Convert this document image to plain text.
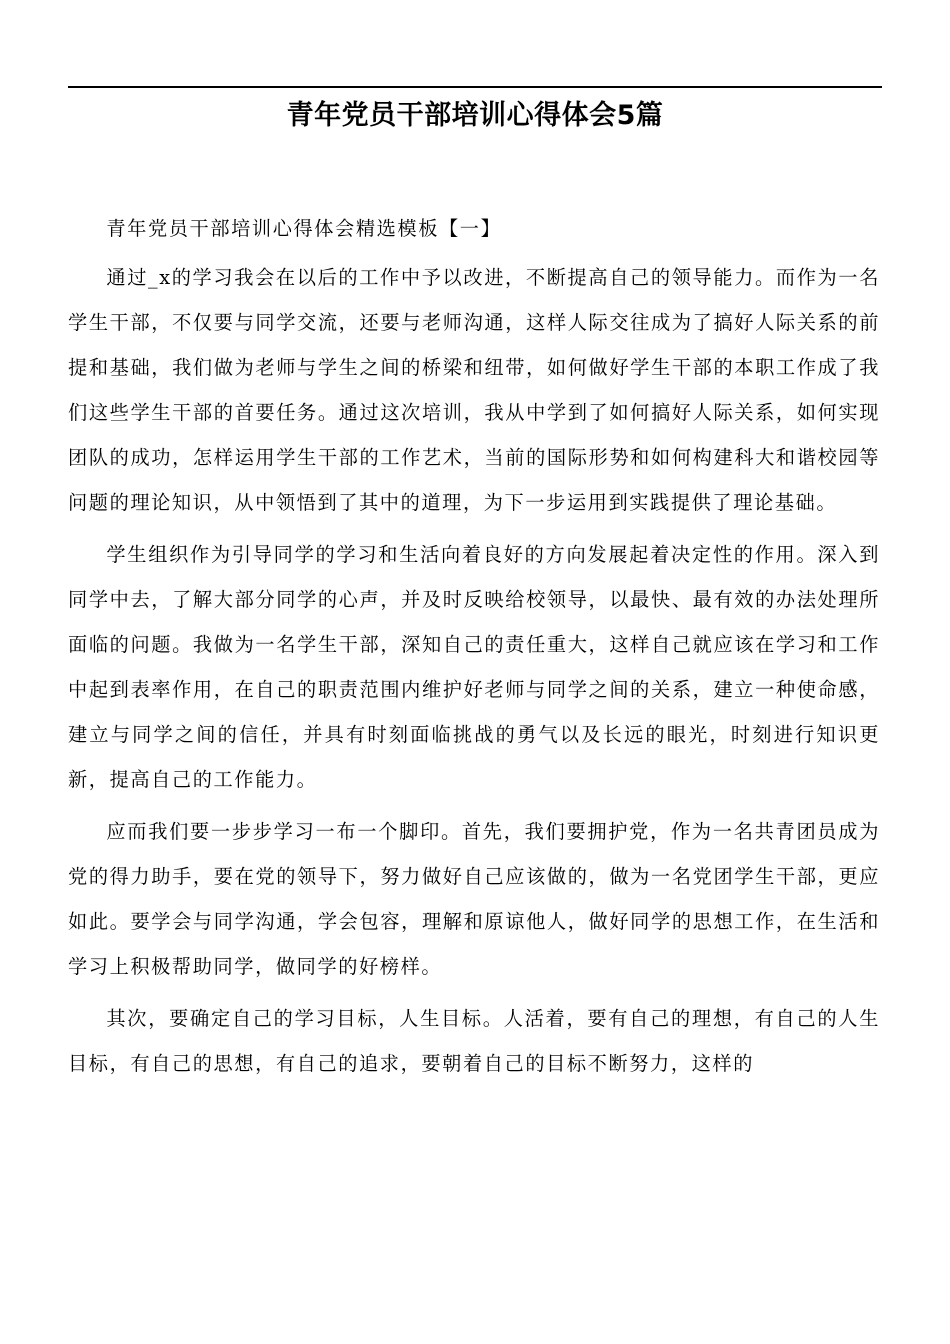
青年党员干部培训心得体会5篇

青年党员干部培训心得体会精选模板【一】

通过_x的学习我会在以后的工作中予以改进，不断提高自己的领导能力。而作为一名学生干部，不仅要与同学交流，还要与老师沟通，这样人际交往成为了搞好人际关系的前提和基础，我们做为老师与学生之间的桥梁和纽带，如何做好学生干部的本职工作成了我们这些学生干部的首要任务。通过这次培训，我从中学到了如何搞好人际关系，如何实现团队的成功，怎样运用学生干部的工作艺术，当前的国际形势和如何构建科大和谐校园等问题的理论知识，从中领悟到了其中的道理，为下一步运用到实践提供了理论基础。

学生组织作为引导同学的学习和生活向着良好的方向发展起着决定性的作用。深入到同学中去，了解大部分同学的心声，并及时反映给校领导，以最快、最有效的办法处理所面临的问题。我做为一名学生干部，深知自己的责任重大，这样自己就应该在学习和工作中起到表率作用，在自己的职责范围内维护好老师与同学之间的关系，建立一种使命感，建立与同学之间的信任，并具有时刻面临挑战的勇气以及长远的眼光，时刻进行知识更新，提高自己的工作能力。

应而我们要一步步学习一布一个脚印。首先，我们要拥护党，作为一名共青团员成为党的得力助手，要在党的领导下，努力做好自己应该做的，做为一名党团学生干部，更应如此。要学会与同学沟通，学会包容，理解和原谅他人，做好同学的思想工作，在生活和学习上积极帮助同学，做同学的好榜样。

其次，要确定自己的学习目标，人生目标。人活着，要有自己的理想，有自己的人生目标，有自己的思想，有自己的追求，要朝着自己的目标不断努力，这样的
